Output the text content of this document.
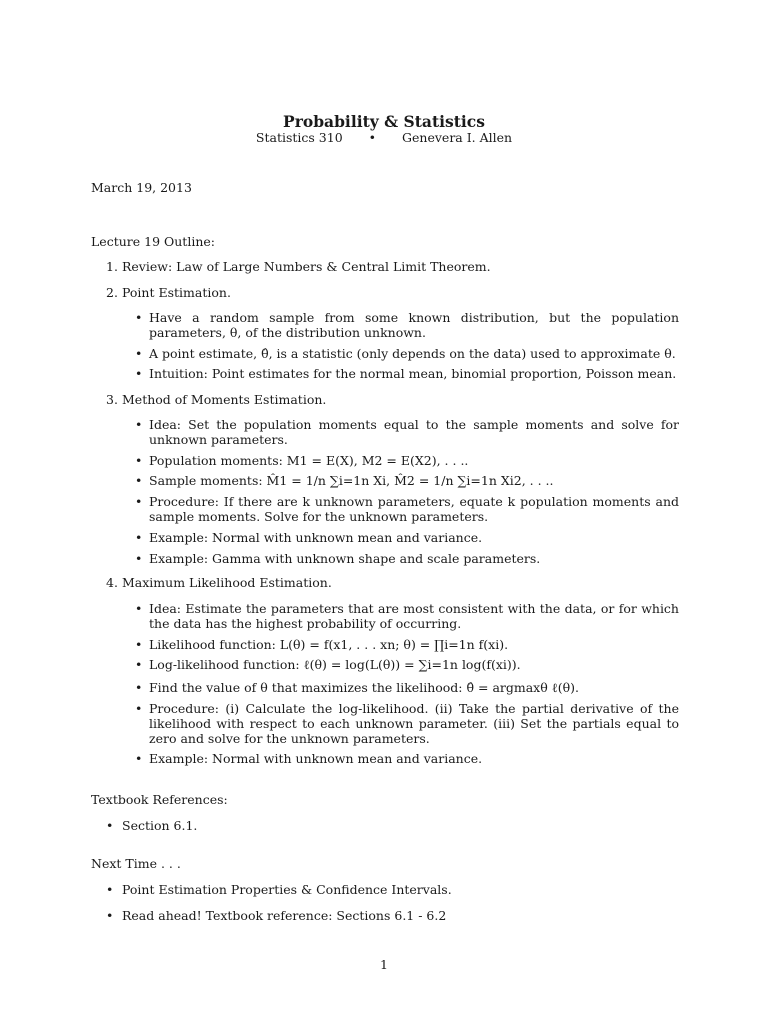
Probability & Statistics
Statistics 310 • Genevera I. Allen
March 19, 2013
Lecture 19 Outline:
1. Review: Law of Large Numbers & Central Limit Theorem.
2. Point Estimation.
• Have a random sample from some known distribution, but the population parameters, θ, of the distribution unknown.
• A point estimate, θ̂, is a statistic (only depends on the data) used to approximate θ.
• Intuition: Point estimates for the normal mean, binomial proportion, Poisson mean.
3. Method of Moments Estimation.
• Idea: Set the population moments equal to the sample moments and solve for unknown parameters.
• Population moments: M1 = E(X), M2 = E(X2), . . ..
• Sample moments: M̂1 = 1/n ∑i=1n Xi, M̂2 = 1/n ∑i=1n Xi2, . . ..
• Procedure: If there are k unknown parameters, equate k population moments and sample moments. Solve for the unknown parameters.
• Example: Normal with unknown mean and variance.
• Example: Gamma with unknown shape and scale parameters.
4. Maximum Likelihood Estimation.
• Idea: Estimate the parameters that are most consistent with the data, or for which the data has the highest probability of occurring.
• Likelihood function: L(θ) = f(x1, . . . xn; θ) = ∏i=1n f(xi).
• Log-likelihood function: ℓ(θ) = log(L(θ)) = ∑i=1n log(f(xi)).
• Find the value of θ that maximizes the likelihood: θ̂ = argmaxθ ℓ(θ).
• Procedure: (i) Calculate the log-likelihood. (ii) Take the partial derivative of the likelihood with respect to each unknown parameter. (iii) Set the partials equal to zero and solve for the unknown parameters.
• Example: Normal with unknown mean and variance.
Textbook References:
• Section 6.1.
Next Time . . .
• Point Estimation Properties & Confidence Intervals.
• Read ahead! Textbook reference: Sections 6.1 - 6.2
1
